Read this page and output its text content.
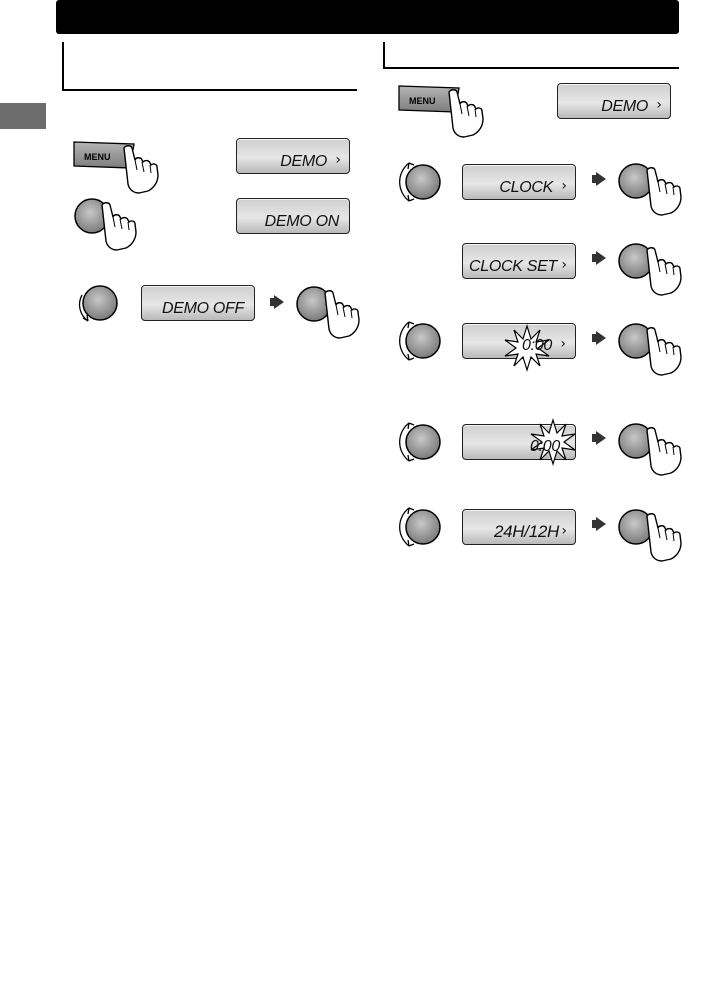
MENU	DEMO ›
DEMO ON
DEMO OFF
MENU	DEMO ›
CLOCK ›
CLOCK SET ›
0:00 ›
0:00
24H/12H ›
